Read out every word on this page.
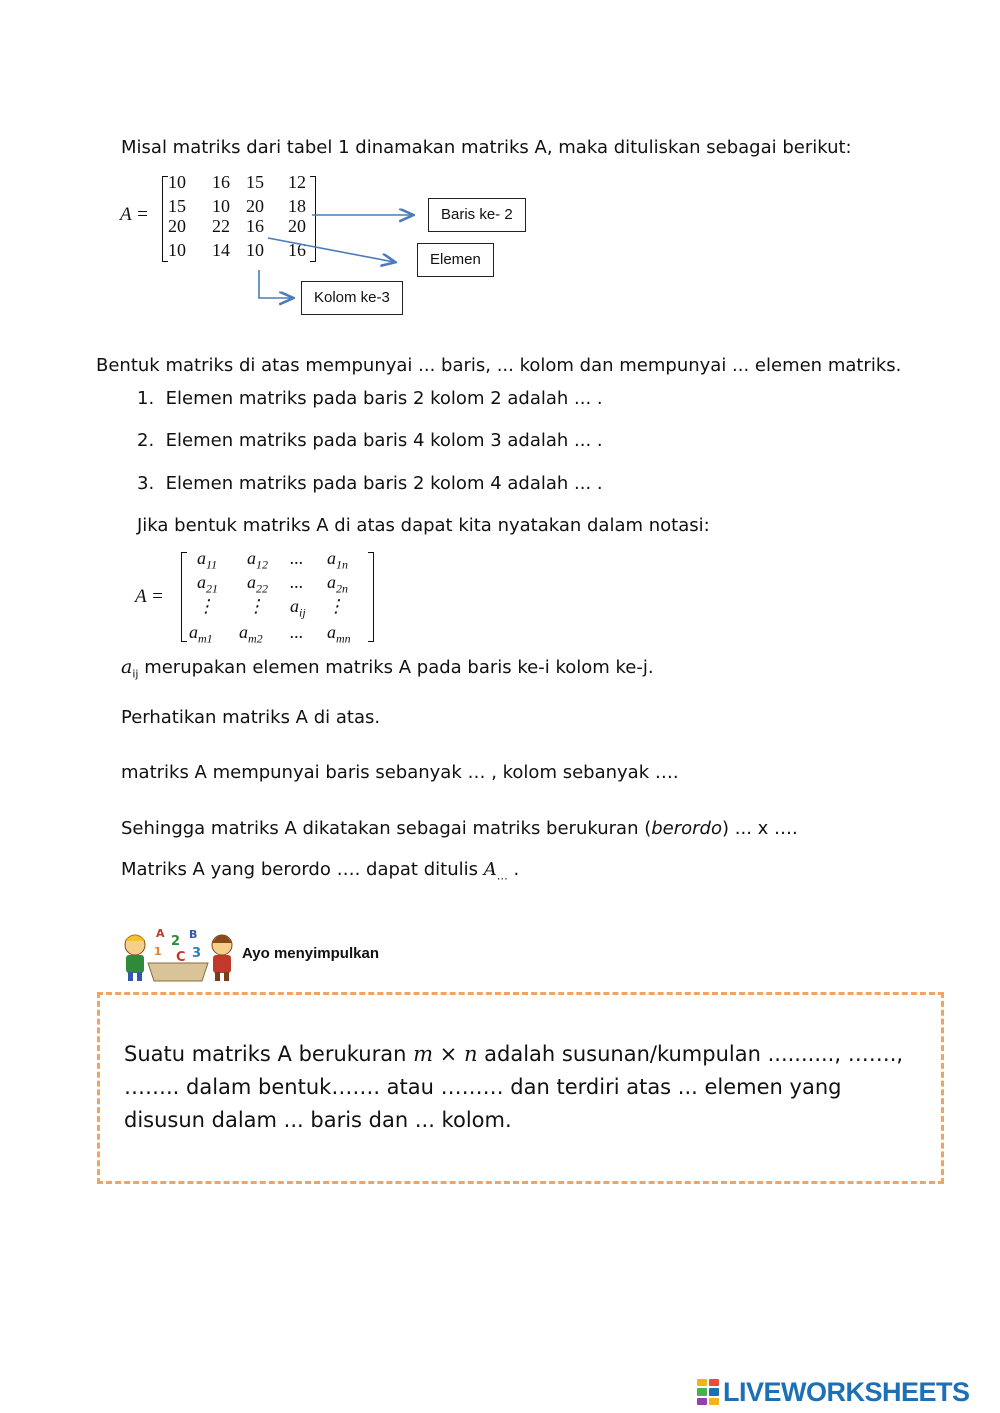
Misal matriks dari tabel 1 dinamakan matriks A, maka dituliskan sebagai berikut:
A =
10 16 15 12
15 10 20 18
20 22 16 20
10 14 10 16
Baris ke- 2
Elemen
Kolom ke-3
Bentuk matriks di atas mempunyai ... baris, ... kolom dan mempunyai ... elemen matriks.
1. Elemen matriks pada baris 2 kolom 2 adalah ... .
2. Elemen matriks pada baris 4 kolom 3 adalah ... .
3. Elemen matriks pada baris 2 kolom 4 adalah ... .
Jika bentuk matriks A di atas dapat kita nyatakan dalam notasi:
A =
$a_{11}$ $a_{12}$ ... $a_{1n}$
$a_{21}$ $a_{22}$ ... $a_{2n}$
⋮ ⋮ $a_{ij}$ ⋮
$a_{m1}$ $a_{m2}$ ... $a_{mn}$
$a_{ij}$ merupakan elemen matriks A pada baris ke-i kolom ke-j.
Perhatikan matriks A di atas.
matriks A mempunyai baris sebanyak … , kolom sebanyak ….
Sehingga matriks A dikatakan sebagai matriks berukuran (berordo) ... x ….
Matriks A yang berordo …. dapat ditulis $A_\dots$ .
A
2 B
1 C 3	Ayo menyimpulkan
Suatu matriks A berukuran m × n adalah susunan/kumpulan .........., ……., …….. dalam bentuk……. atau ……… dan terdiri atas ... elemen yang disusun dalam ... baris dan ... kolom.
LIVEWORKSHEETS
